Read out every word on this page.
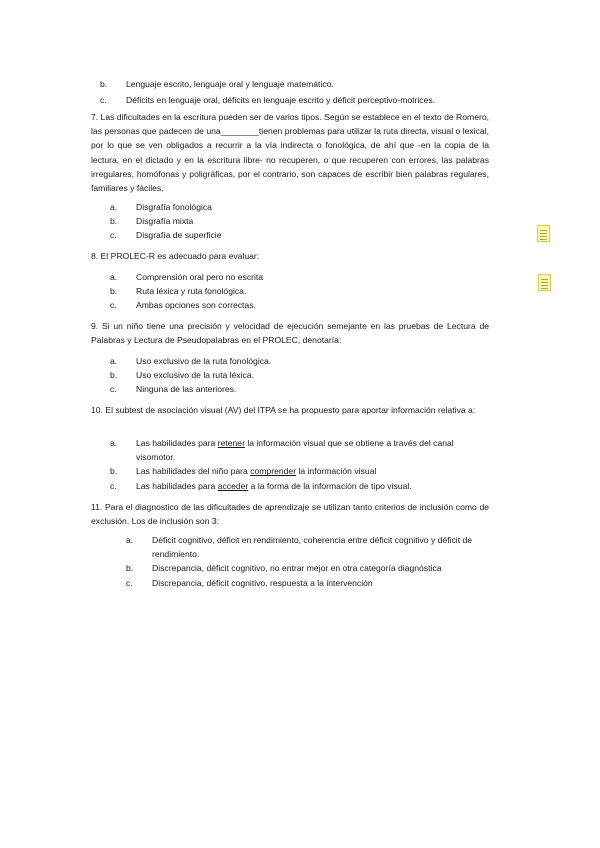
b. Lenguaje escrito, lenguaje oral y lenguaje matemático.
c. Déficits en lenguaje oral, déficits en lenguaje escrito y déficit perceptivo-motrices.
7. Las dificultades en la escritura pueden ser de varios tipos. Según se establece en el texto de Romero, las personas que padecen de una________tienen problemas para utilizar la ruta directa, visual o lexical, por lo que se ven obligados a recurrir a la vía indirecta o fonológica, de ahí que -en la copia de la lectura, en el dictado y en la escritura libre- no recuperen, o que recuperen con errores, las palabras irregulares, homófonas y poligráficas, por el contrario, son capaces de escribir bien palabras regulares, familiares y fáciles.
a. Disgrafía fonológica
b. Disgrafía mixta
c. Disgrafía de superficie
8. El PROLEC-R es adecuado para evaluar:
a. Comprensión oral pero no escrita
b. Ruta léxica y ruta fonológica.
c. Ambas opciones son correctas.
9. Si un niño tiene una precisión y velocidad de ejecución semejante en las pruebas de Lectura de Palabras y Lectura de Pseudopalabras en el PROLEC, denotaría:
a. Uso exclusivo de la ruta fonológica.
b. Uso exclusivo de la ruta léxica.
c. Ninguna de las anteriores.
10. El subtest de asociación visual (AV) del ITPA se ha propuesto para aportar información relativa a:
a. Las habilidades para retener la información visual que se obtiene a través del canal visomotor.
b. Las habilidades del niño para comprender la información visual
c. Las habilidades para acceder a la forma de la información de tipo visual.
11. Para el diagnostico de las dificultades de aprendizaje se utilizan tanto criterios de inclusión como de exclusión. Los de inclusión son 3:
a. Déficit cognitivo, déficit en rendimiento, coherencia entre déficit cognitivo y déficit de rendimiento.
b. Discrepancia, déficit cognitivo, no entrar mejor en otra categoría diagnóstica
c. Discrepancia, déficit cognitivo, respuesta a la intervención
